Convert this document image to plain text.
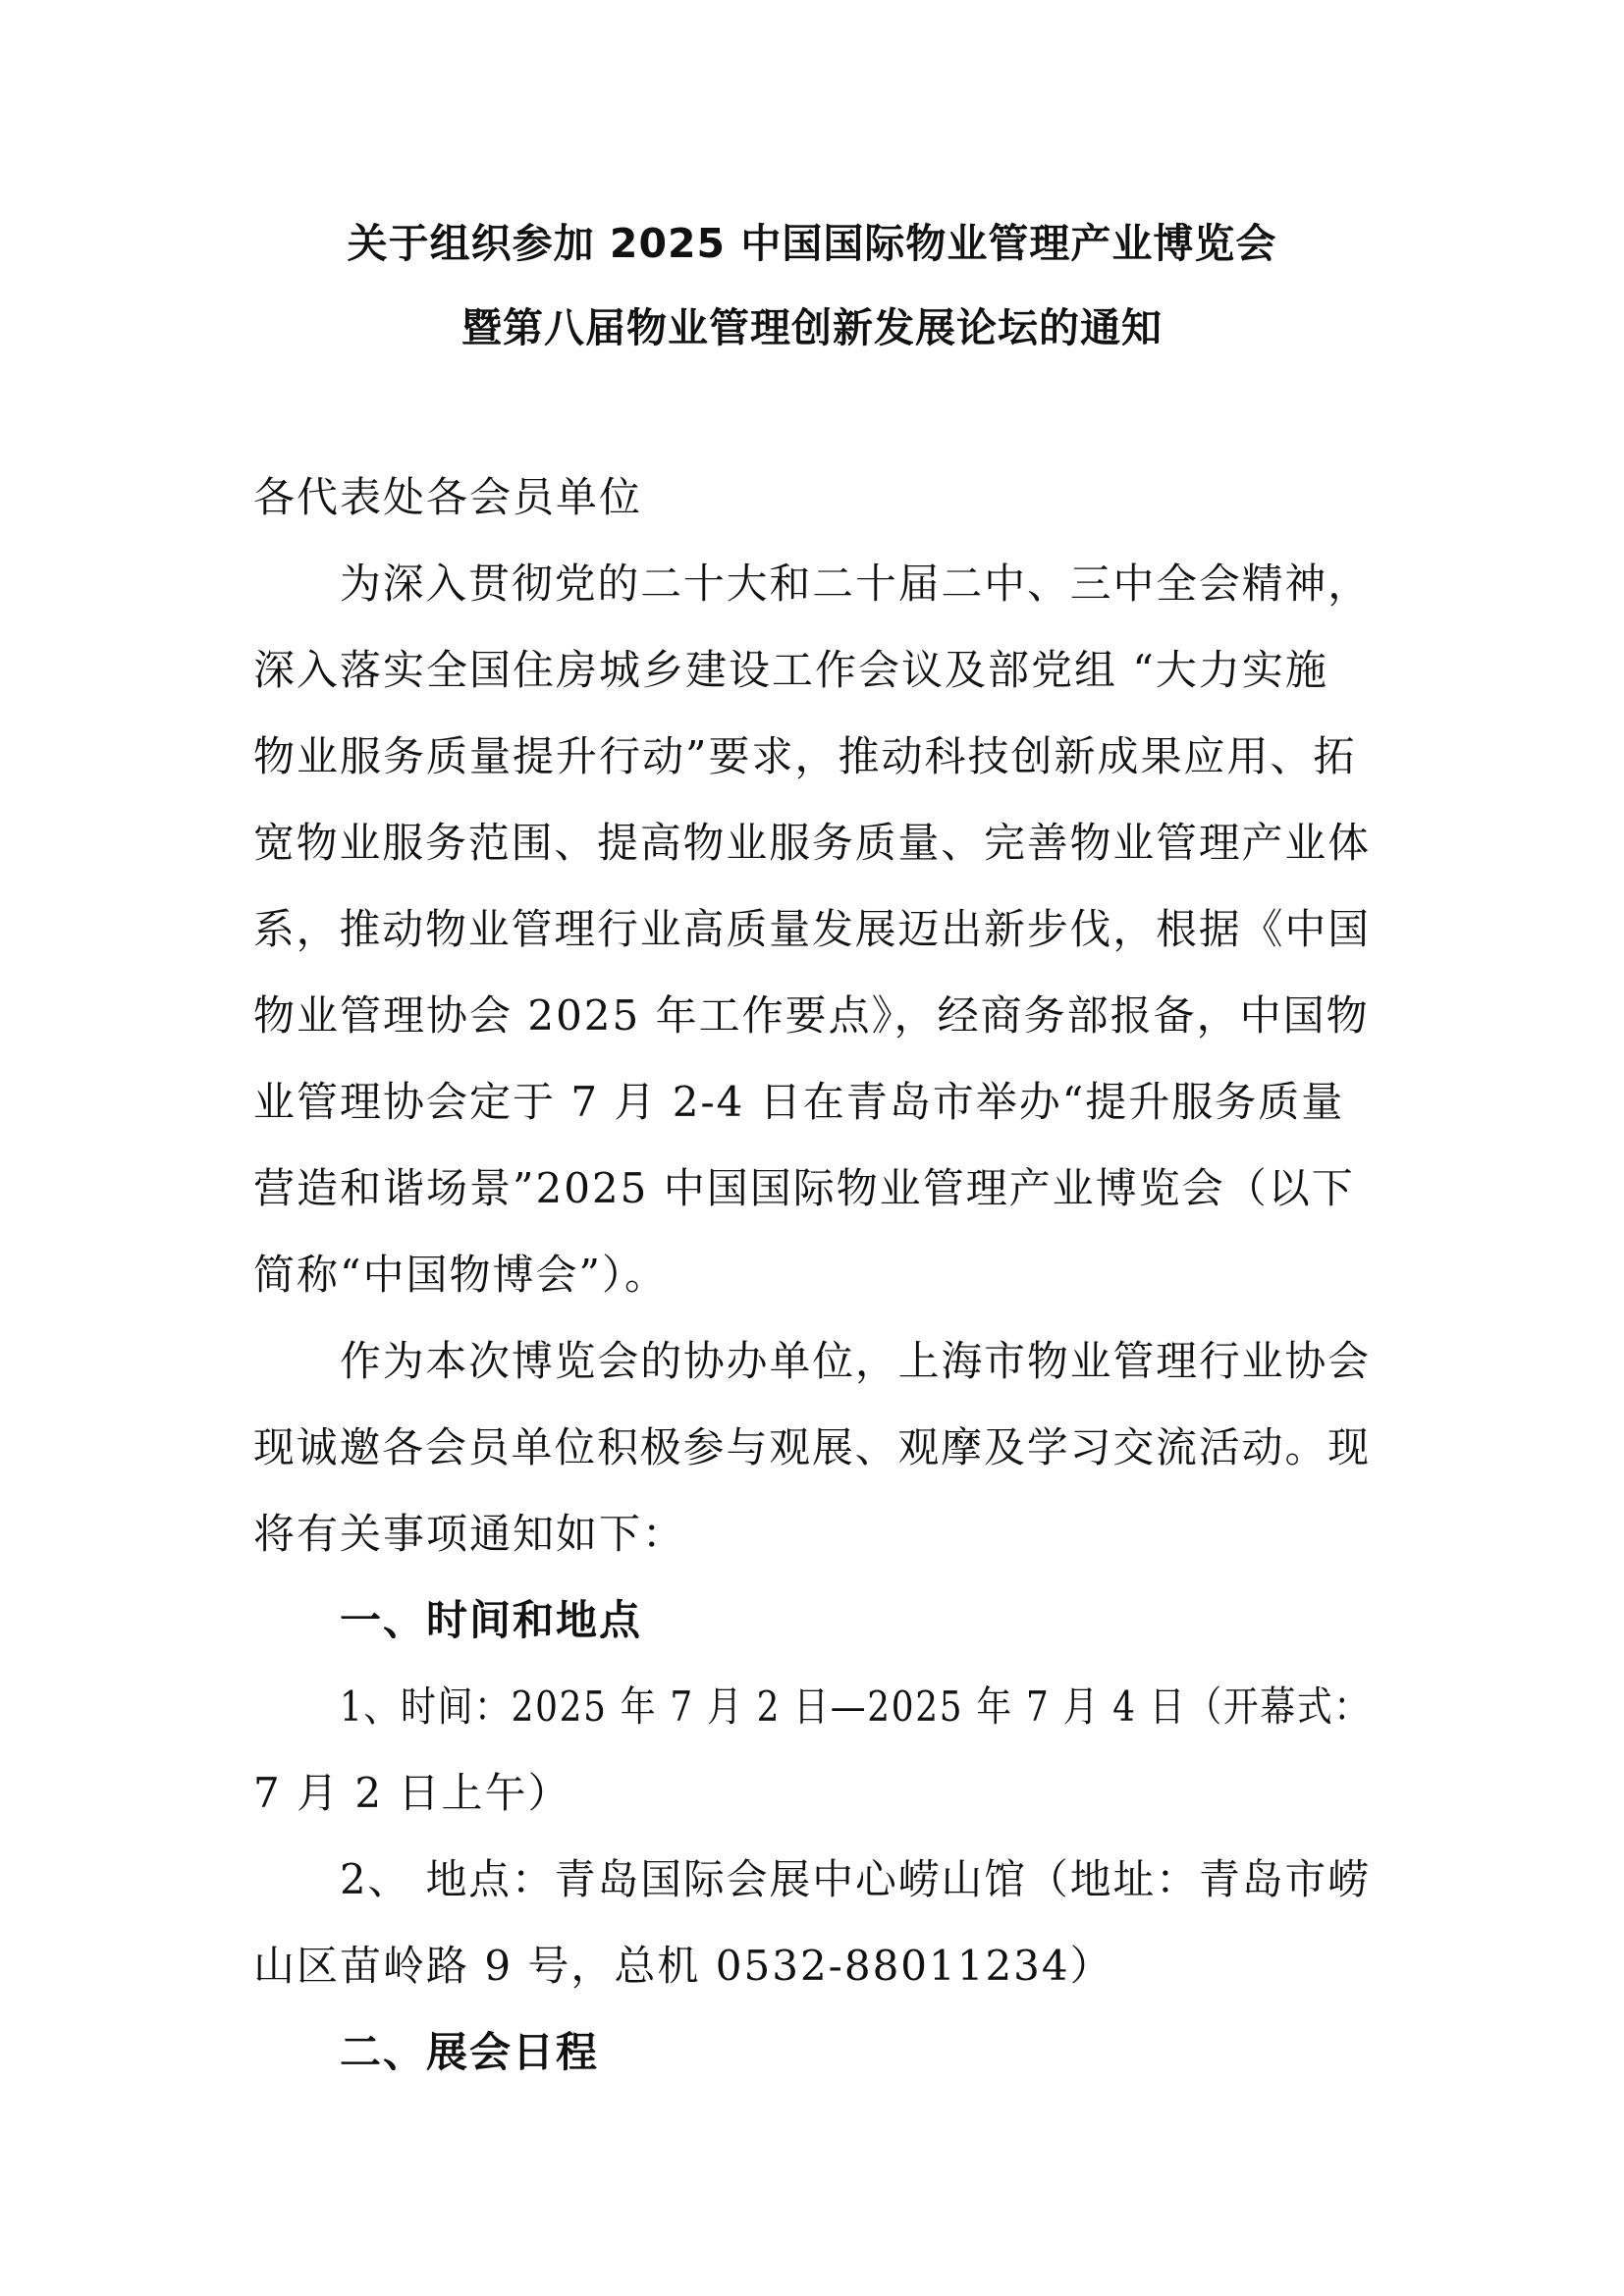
关于组织参加 2025 中国国际物业管理产业博览会
暨第八届物业管理创新发展论坛的通知
各代表处各会员单位
为深入贯彻党的二十大和二十届二中、三中全会精神，
深入落实全国住房城乡建设工作会议及部党组 “大力实施
物业服务质量提升行动”要求，推动科技创新成果应用、拓
宽物业服务范围、提高物业服务质量、完善物业管理产业体
系，推动物业管理行业高质量发展迈出新步伐，根据《中国
物业管理协会 2025 年工作要点》，经商务部报备，中国物
业管理协会定于 7 月 2-4 日在青岛市举办“提升服务质量
营造和谐场景”2025 中国国际物业管理产业博览会（以下
简称“中国物博会”）。
作为本次博览会的协办单位，上海市物业管理行业协会
现诚邀各会员单位积极参与观展、观摩及学习交流活动。现
将有关事项通知如下：
一、时间和地点
1、时间：2025 年 7 月 2 日—2025 年 7 月 4 日（开幕式：
7 月 2 日上午）
2、 地点：青岛国际会展中心崂山馆（地址：青岛市崂
山区苗岭路 9 号，总机 0532-88011234）
二、展会日程
